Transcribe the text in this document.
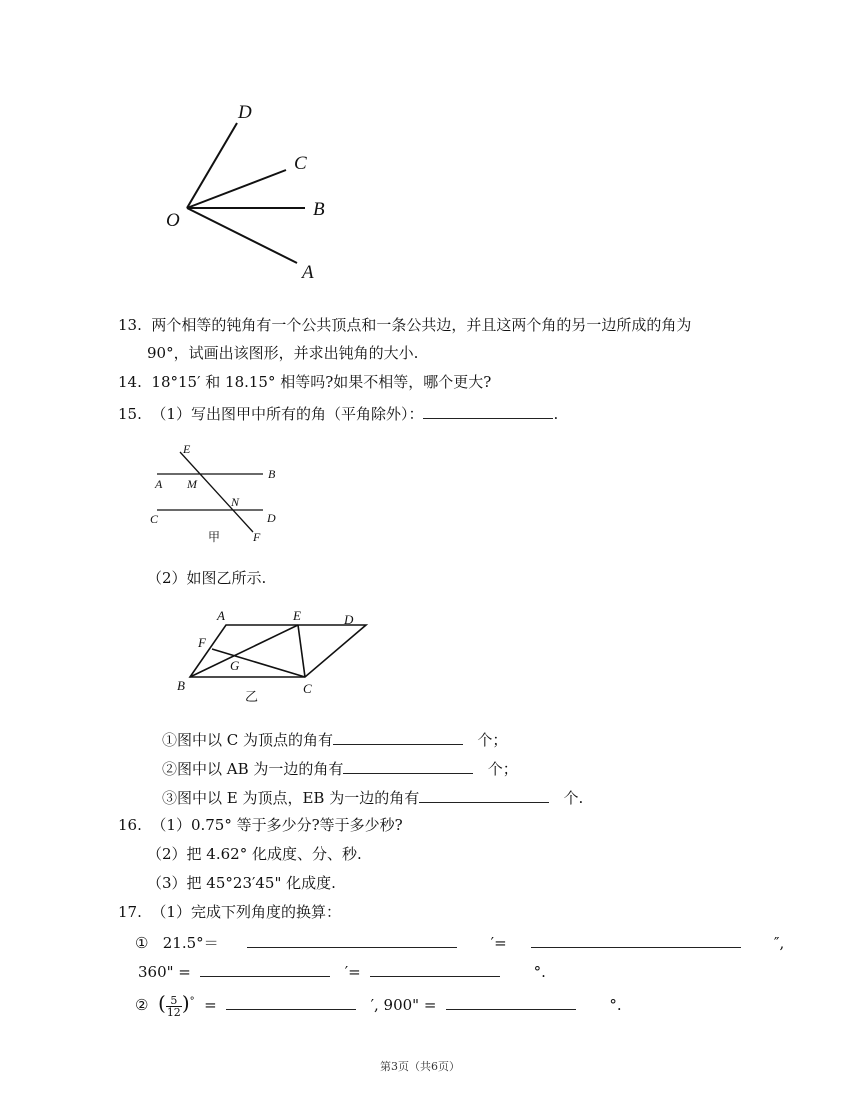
D
C
B
A
O
13. 两个相等的钝角有一个公共顶点和一条公共边，并且这两个角的另一边所成的角为
90°，试画出该图形，并求出钝角的大小.
14. 18°15′ 和 18.15° 相等吗?如果不相等，哪个更大?
15. （1）写出图甲中所有的角（平角除外）：	.
E
B
A M
N
C	D
F
甲
（2）如图乙所示.
A	E	D
F
G
B	C
乙
①图中以 C 为顶点的角有	个；
②图中以 AB 为一边的角有	个；
③图中以 E 为顶点，EB 为一边的角有	个.
16. （1）0.75° 等于多少分?等于多少秒?
（2）把 4.62° 化成度、分、秒.
（3）把 45°23′45" 化成度.
17. （1）完成下列角度的换算：
① 21.5°＝	′=	″,
360" =	′=	°.
② ( $\frac{5}{12} )^\circ$ =	′, 900" =	°.
第3页（共6页）
